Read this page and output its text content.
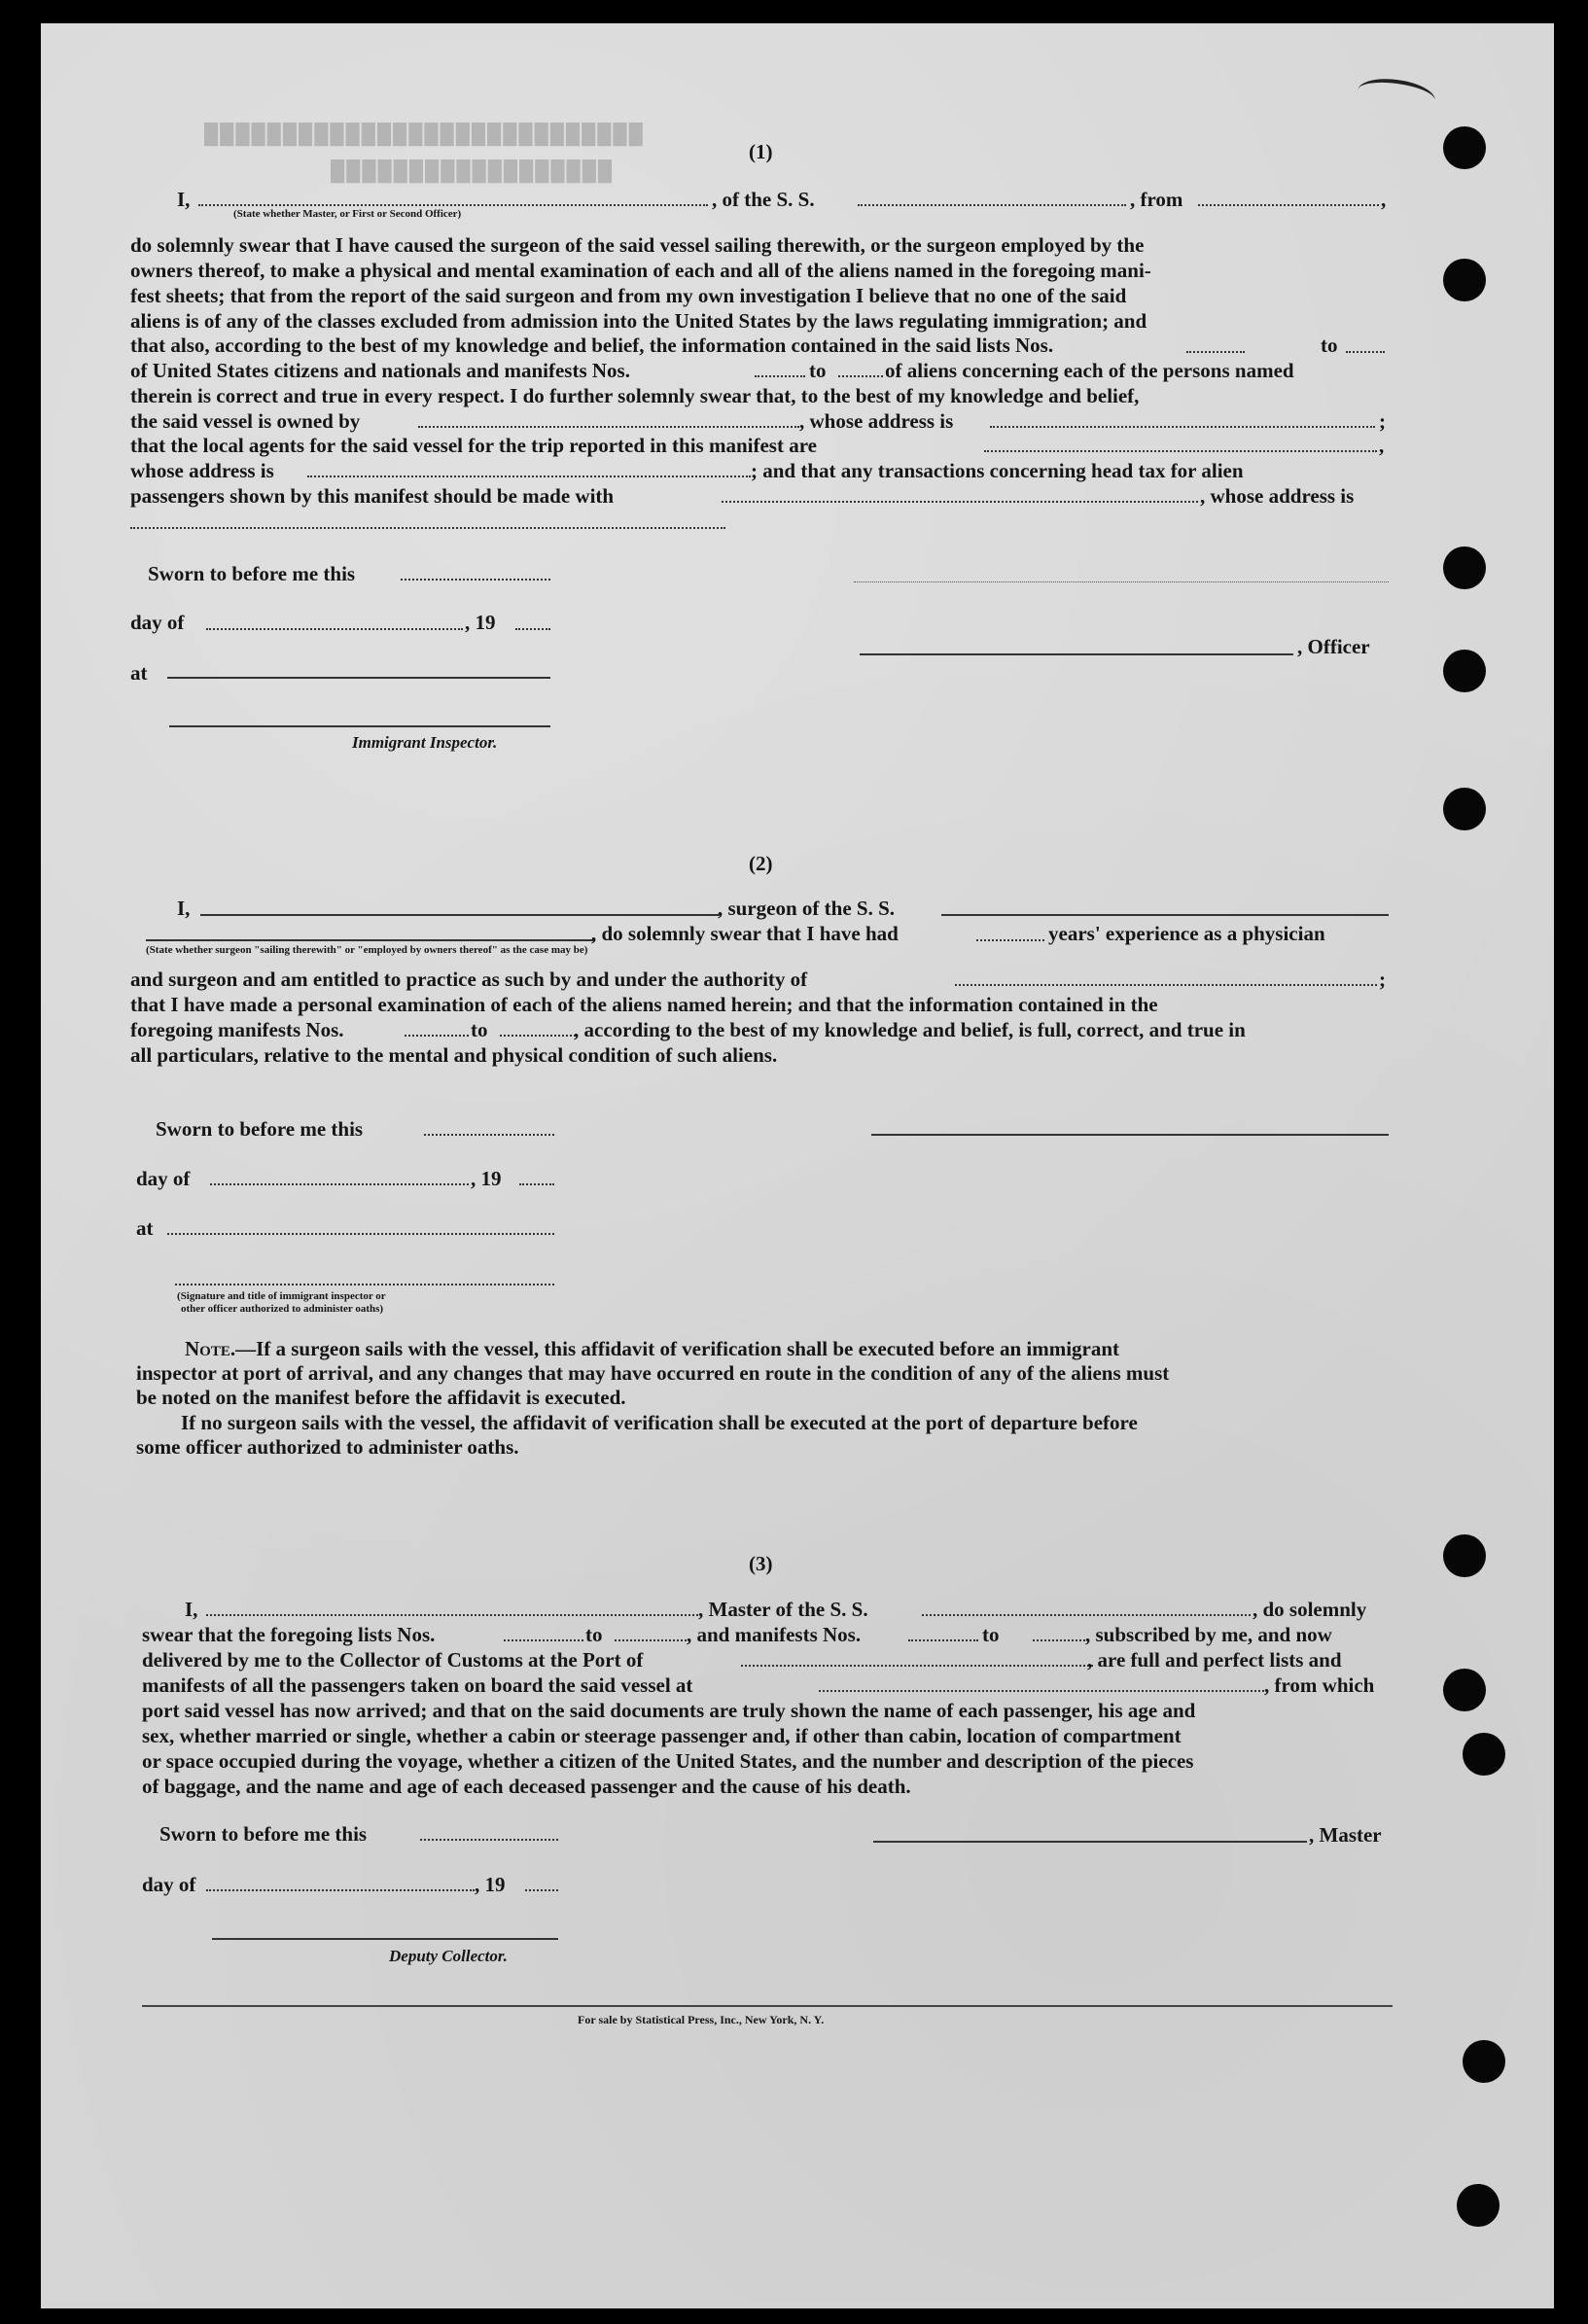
████████████████████████████
██████████████████
(1)
I,	, of the S. S.	, from	,
(State whether Master, or First or Second Officer)
do solemnly swear that I have caused the surgeon of the said vessel sailing therewith, or the surgeon employed by the
owners thereof, to make a physical and mental examination of each and all of the aliens named in the foregoing mani-
fest sheets; that from the report of the said surgeon and from my own investigation I believe that no one of the said
aliens is of any of the classes excluded from admission into the United States by the laws regulating immigration; and
that also, according to the best of my knowledge and belief, the information contained in the said lists Nos.	to
of United States citizens and nationals and manifests Nos.	to	of aliens concerning each of the persons named
therein is correct and true in every respect. I do further solemnly swear that, to the best of my knowledge and belief,
the said vessel is owned by	, whose address is	;
that the local agents for the said vessel for the trip reported in this manifest are	,
whose address is	; and that any transactions concerning head tax for alien
passengers shown by this manifest should be made with	, whose address is
Sworn to before me this
day of	, 19
, Officer
at
Immigrant Inspector.
(2)
I,	, surgeon of the S. S.
, do solemnly swear that I have had	years' experience as a physician
(State whether surgeon "sailing therewith" or "employed by owners thereof" as the case may be)
and surgeon and am entitled to practice as such by and under the authority of	;
that I have made a personal examination of each of the aliens named herein; and that the information contained in the
foregoing manifests Nos.	to	, according to the best of my knowledge and belief, is full, correct, and true in
all particulars, relative to the mental and physical condition of such aliens.
Sworn to before me this
day of	, 19
at
(Signature and title of immigrant inspector or
other officer authorized to administer oaths)
Note.—If a surgeon sails with the vessel, this affidavit of verification shall be executed before an immigrant
inspector at port of arrival, and any changes that may have occurred en route in the condition of any of the aliens must
be noted on the manifest before the affidavit is executed.
If no surgeon sails with the vessel, the affidavit of verification shall be executed at the port of departure before
some officer authorized to administer oaths.
(3)
I,	, Master of the S. S.	, do solemnly
swear that the foregoing lists Nos.	to	, and manifests Nos.	to	, subscribed by me, and now
delivered by me to the Collector of Customs at the Port of	, are full and perfect lists and
manifests of all the passengers taken on board the said vessel at	, from which
port said vessel has now arrived; and that on the said documents are truly shown the name of each passenger, his age and
sex, whether married or single, whether a cabin or steerage passenger and, if other than cabin, location of compartment
or space occupied during the voyage, whether a citizen of the United States, and the number and description of the pieces
of baggage, and the name and age of each deceased passenger and the cause of his death.
Sworn to before me this	, Master
day of	, 19
Deputy Collector.
For sale by Statistical Press, Inc., New York, N. Y.
